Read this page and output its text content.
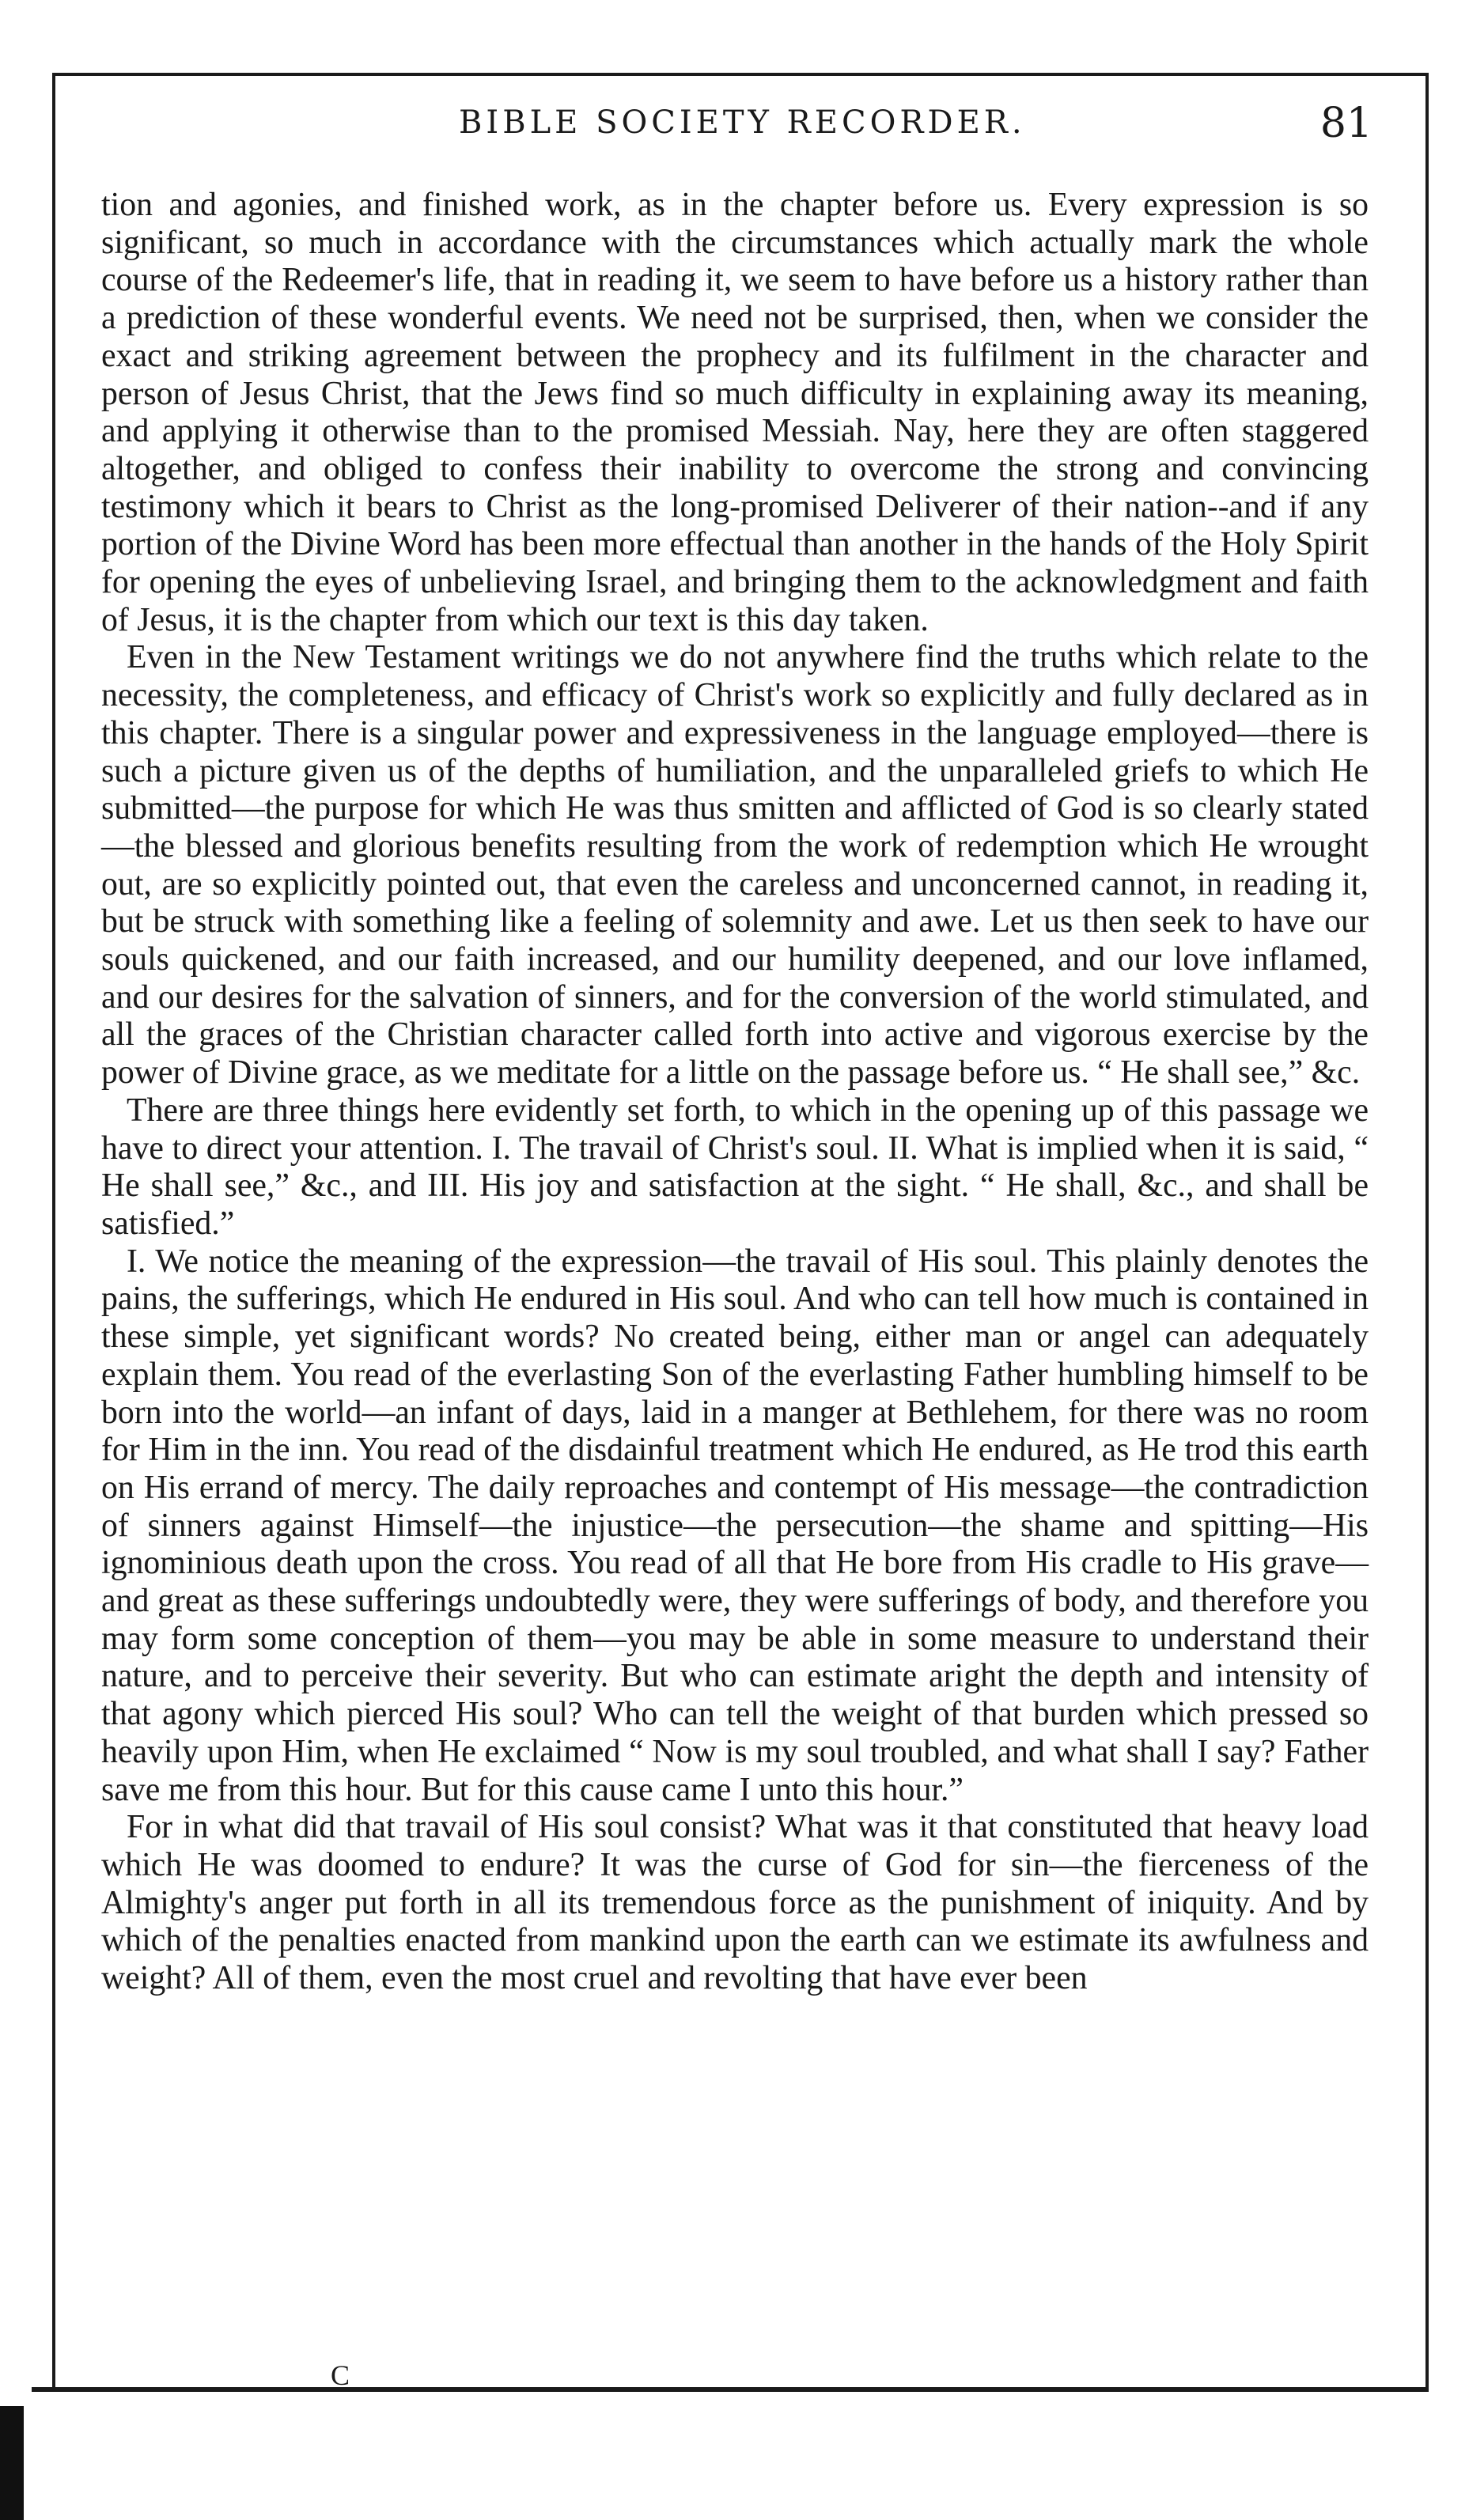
BIBLE SOCIETY RECORDER.	81

tion and agonies, and finished work, as in the chapter before us. Every expression is so significant, so much in accordance with the circumstances which actually mark the whole course of the Redeemer's life, that in reading it, we seem to have before us a history rather than a prediction of these wonderful events. We need not be surprised, then, when we consider the exact and striking agreement between the prophecy and its fulfilment in the character and person of Jesus Christ, that the Jews find so much difficulty in explaining away its meaning, and applying it otherwise than to the promised Messiah. Nay, here they are often staggered altogether, and obliged to confess their inability to overcome the strong and convincing testimony which it bears to Christ as the long-promised Deliverer of their nation--and if any portion of the Divine Word has been more effectual than another in the hands of the Holy Spirit for opening the eyes of unbelieving Israel, and bringing them to the acknowledgment and faith of Jesus, it is the chapter from which our text is this day taken.

Even in the New Testament writings we do not anywhere find the truths which relate to the necessity, the completeness, and efficacy of Christ's work so explicitly and fully declared as in this chapter. There is a singular power and expressiveness in the language employed—there is such a picture given us of the depths of humiliation, and the unparalleled griefs to which He submitted—the purpose for which He was thus smitten and afflicted of God is so clearly stated—the blessed and glorious benefits resulting from the work of redemption which He wrought out, are so explicitly pointed out, that even the careless and unconcerned cannot, in reading it, but be struck with something like a feeling of solemnity and awe. Let us then seek to have our souls quickened, and our faith increased, and our humility deepened, and our love inflamed, and our desires for the salvation of sinners, and for the conversion of the world stimulated, and all the graces of the Christian character called forth into active and vigorous exercise by the power of Divine grace, as we meditate for a little on the passage before us. “ He shall see,” &c.

There are three things here evidently set forth, to which in the opening up of this passage we have to direct your attention. I. The travail of Christ's soul. II. What is implied when it is said, “ He shall see,” &c., and III. His joy and satisfaction at the sight. “ He shall, &c., and shall be satisfied.”

I. We notice the meaning of the expression—the travail of His soul. This plainly denotes the pains, the sufferings, which He endured in His soul. And who can tell how much is contained in these simple, yet significant words? No created being, either man or angel can adequately explain them. You read of the everlasting Son of the everlasting Father humbling himself to be born into the world—an infant of days, laid in a manger at Bethlehem, for there was no room for Him in the inn. You read of the disdainful treatment which He endured, as He trod this earth on His errand of mercy. The daily reproaches and contempt of His message—the contradiction of sinners against Himself—the injustice—the persecution—the shame and spitting—His ignominious death upon the cross. You read of all that He bore from His cradle to His grave—and great as these sufferings undoubtedly were, they were sufferings of body, and therefore you may form some conception of them—you may be able in some measure to understand their nature, and to perceive their severity. But who can estimate aright the depth and intensity of that agony which pierced His soul? Who can tell the weight of that burden which pressed so heavily upon Him, when He exclaimed “ Now is my soul troubled, and what shall I say? Father save me from this hour. But for this cause came I unto this hour.”

For in what did that travail of His soul consist? What was it that constituted that heavy load which He was doomed to endure? It was the curse of God for sin—the fierceness of the Almighty's anger put forth in all its tremendous force as the punishment of iniquity. And by which of the penalties enacted from mankind upon the earth can we estimate its awfulness and weight? All of them, even the most cruel and revolting that have ever been

C
